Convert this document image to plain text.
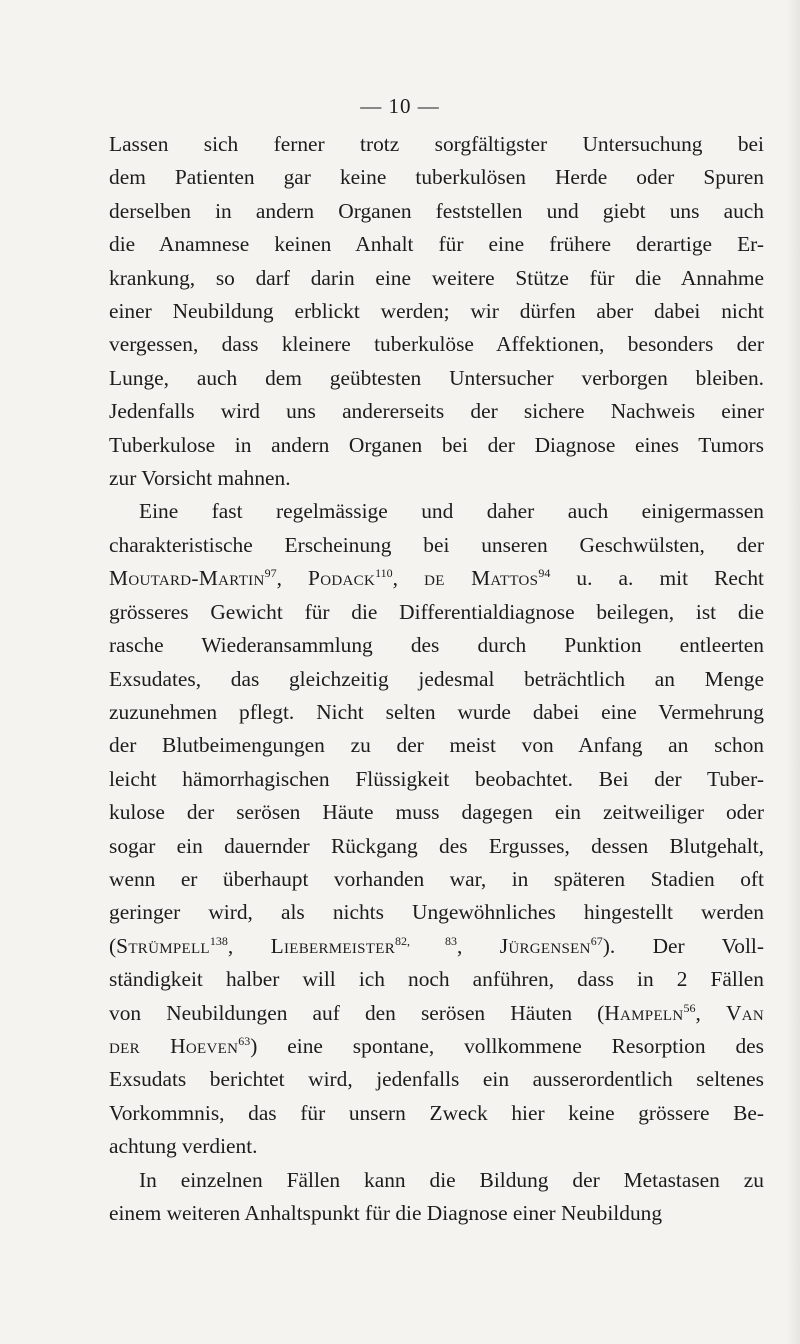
— 10 —
Lassen sich ferner trotz sorgfältigster Untersuchung bei
dem Patienten gar keine tuberkulösen Herde oder Spuren
derselben in andern Organen feststellen und giebt uns auch
die Anamnese keinen Anhalt für eine frühere derartige Er-
krankung, so darf darin eine weitere Stütze für die Annahme
einer Neubildung erblickt werden; wir dürfen aber dabei nicht
vergessen, dass kleinere tuberkulöse Affektionen, besonders der
Lunge, auch dem geübtesten Untersucher verborgen bleiben.
Jedenfalls wird uns andererseits der sichere Nachweis einer
Tuberkulose in andern Organen bei der Diagnose eines Tumors
zur Vorsicht mahnen.
Eine fast regelmässige und daher auch einigermassen
charakteristische Erscheinung bei unseren Geschwülsten, der
Moutard-Martin$^{97}$, Podack$^{110}$, de Mattos$^{94}$ u. a. mit Recht
grösseres Gewicht für die Differentialdiagnose beilegen, ist die
rasche Wiederansammlung des durch Punktion entleerten
Exsudates, das gleichzeitig jedesmal beträchtlich an Menge
zuzunehmen pflegt. Nicht selten wurde dabei eine Vermehrung
der Blutbeimengungen zu der meist von Anfang an schon
leicht hämorrhagischen Flüssigkeit beobachtet. Bei der Tuber-
kulose der serösen Häute muss dagegen ein zeitweiliger oder
sogar ein dauernder Rückgang des Ergusses, dessen Blutgehalt,
wenn er überhaupt vorhanden war, in späteren Stadien oft
geringer wird, als nichts Ungewöhnliches hingestellt werden
(Strümpell$^{138}$, Liebermeister$^{82, 83}$, Jürgensen$^{67}$). Der Voll-
ständigkeit halber will ich noch anführen, dass in 2 Fällen
von Neubildungen auf den serösen Häuten (Hampeln$^{56}$, Van
der Hoeven$^{63}$) eine spontane, vollkommene Resorption des
Exsudats berichtet wird, jedenfalls ein ausserordentlich seltenes
Vorkommnis, das für unsern Zweck hier keine grössere Be-
achtung verdient.
In einzelnen Fällen kann die Bildung der Metastasen zu
einem weiteren Anhaltspunkt für die Diagnose einer Neubildung
